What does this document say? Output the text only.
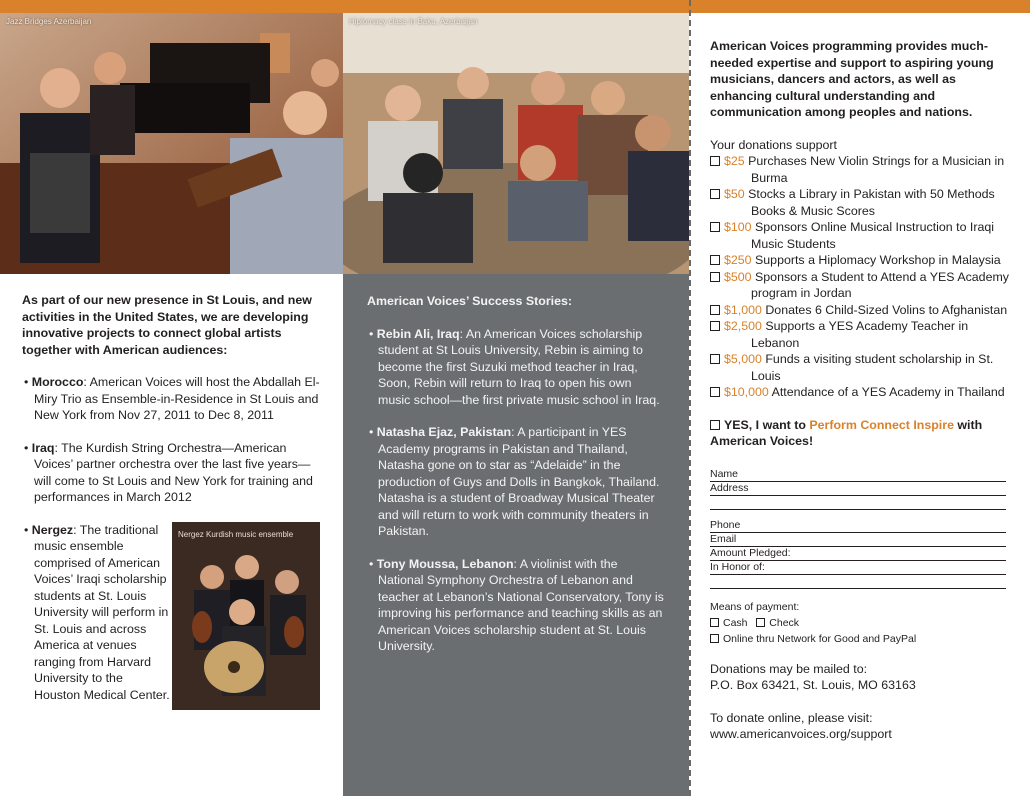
Jazz Bridges Azerbaijan	Hiplomacy class in Baku, Azerbaijan

As part of our new presence in St Louis, and new activities in the United States, we are developing innovative projects to connect global artists together with American audiences:

• Morocco: American Voices will host the Abdallah El-Miry Trio as Ensemble-in-Residence in St Louis and New York from Nov 27, 2011 to Dec 8, 2011

• Iraq: The Kurdish String Orchestra—American Voices’ partner orchestra over the last five years— will come to St Louis and New York for training and performances in March 2012

• Nergez: The traditional music ensemble comprised of American Voices’ Iraqi scholarship students at St. Louis University will perform in St. Louis and across America at venues ranging from Harvard University to the Houston Medical Center.

Nergez Kurdish music ensemble

American Voices’ Success Stories:

• Rebin Ali, Iraq: An American Voices scholarship student at St Louis University, Rebin is aiming to become the first Suzuki method teacher in Iraq, Soon, Rebin will return to Iraq to open his own music school—the first private music school in Iraq.

• Natasha Ejaz, Pakistan: A participant in YES Academy programs in Pakistan and Thailand, Natasha gone on to star as “Adelaide” in the production of Guys and Dolls in Bangkok, Thailand. Natasha is a student of Broadway Musical Theater and will return to work with community theaters in Pakistan.

• Tony Moussa, Lebanon: A violinist with the National Symphony Orchestra of Lebanon and teacher at Lebanon’s National Conservatory, Tony is improving his performance and teaching skills as an American Voices scholarship student at St. Louis University.

American Voices programming provides much-needed expertise and support to aspiring young musicians, dancers and actors, as well as enhancing cultural understanding and communication among peoples and nations.

Your donations support

$25 Purchases New Violin Strings for a Musician in Burma

$50 Stocks a Library in Pakistan with 50 Methods Books & Music Scores

$100 Sponsors Online Musical Instruction to Iraqi Music Students

$250 Supports a Hiplomacy Workshop in Malaysia

$500 Sponsors a Student to Attend a YES Academy program in Jordan

$1,000 Donates 6 Child-Sized Volins to Afghanistan

$2,500 Supports a YES Academy Teacher in Lebanon

$5,000 Funds a visiting student scholarship in St. Louis

$10,000 Attendance of a YES Academy in Thailand

YES, I want to Perform Connect Inspire with American Voices!

Name
Address
Phone
Email
Amount Pledged:
In Honor of:

Means of payment:

Cash Check

Online thru Network for Good and PayPal

Donations may be mailed to:

P.O. Box 63421, St. Louis, MO 63163

To donate online, please visit:

www.americanvoices.org/support
